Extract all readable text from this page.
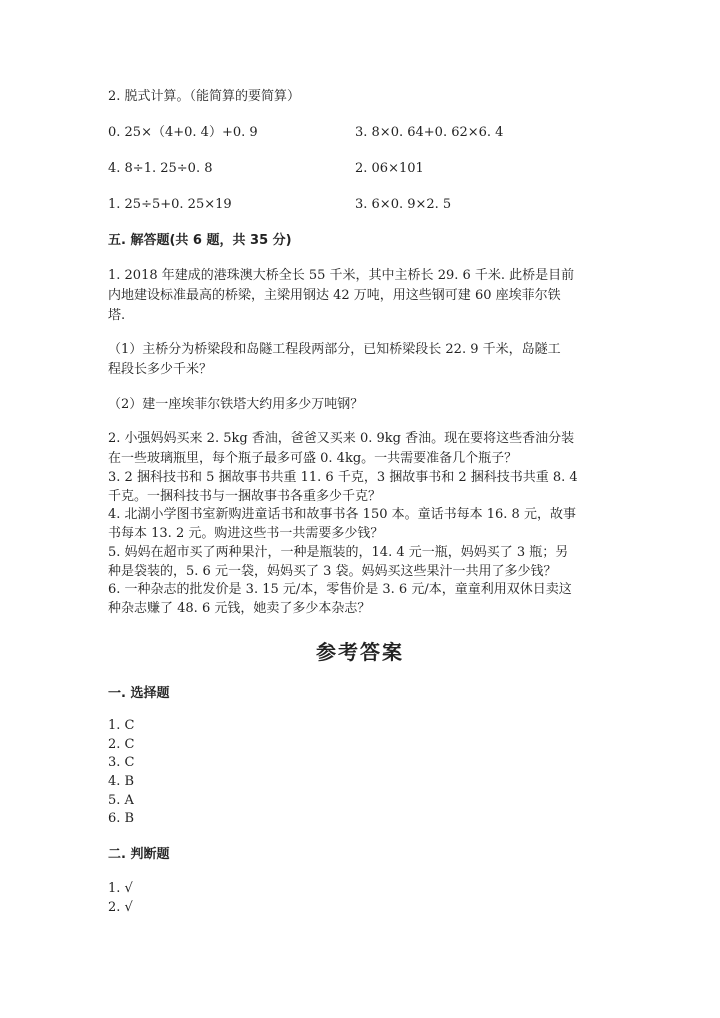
2. 脱式计算。（能简算的要简算）
0. 25×（4+0. 4）+0. 9	3. 8×0. 64+0. 62×6. 4
4. 8÷1. 25÷0. 8	2. 06×101
1. 25÷5+0. 25×19	3. 6×0. 9×2. 5
五. 解答题(共 6 题，共 35 分)
1. 2018 年建成的港珠澳大桥全长 55 千米，其中主桥长 29. 6 千米. 此桥是目前
内地建设标准最高的桥梁，主梁用钢达 42 万吨，用这些钢可建 60 座埃菲尔铁
塔.
（1）主桥分为桥梁段和岛隧工程段两部分，已知桥梁段长 22. 9 千米，岛隧工
程段长多少千米？
（2）建一座埃菲尔铁塔大约用多少万吨钢？
2. 小强妈妈买来 2. 5kg 香油，爸爸又买来 0. 9kg 香油。现在要将这些香油分装
在一些玻璃瓶里，每个瓶子最多可盛 0. 4kg。一共需要准备几个瓶子？
3. 2 捆科技书和 5 捆故事书共重 11. 6 千克，3 捆故事书和 2 捆科技书共重 8. 4
千克。一捆科技书与一捆故事书各重多少千克？
4. 北湖小学图书室新购进童话书和故事书各 150 本。童话书每本 16. 8 元，故事
书每本 13. 2 元。购进这些书一共需要多少钱？
5. 妈妈在超市买了两种果汁，一种是瓶装的，14. 4 元一瓶，妈妈买了 3 瓶；另
种是袋装的，5. 6 元一袋，妈妈买了 3 袋。妈妈买这些果汁一共用了多少钱？
6. 一种杂志的批发价是 3. 15 元/本，零售价是 3. 6 元/本，童童利用双休日卖这
种杂志赚了 48. 6 元钱，她卖了多少本杂志？
参考答案
一. 选择题
1. C
2. C
3. C
4. B
5. A
6. B
二. 判断题
1. √
2. √
